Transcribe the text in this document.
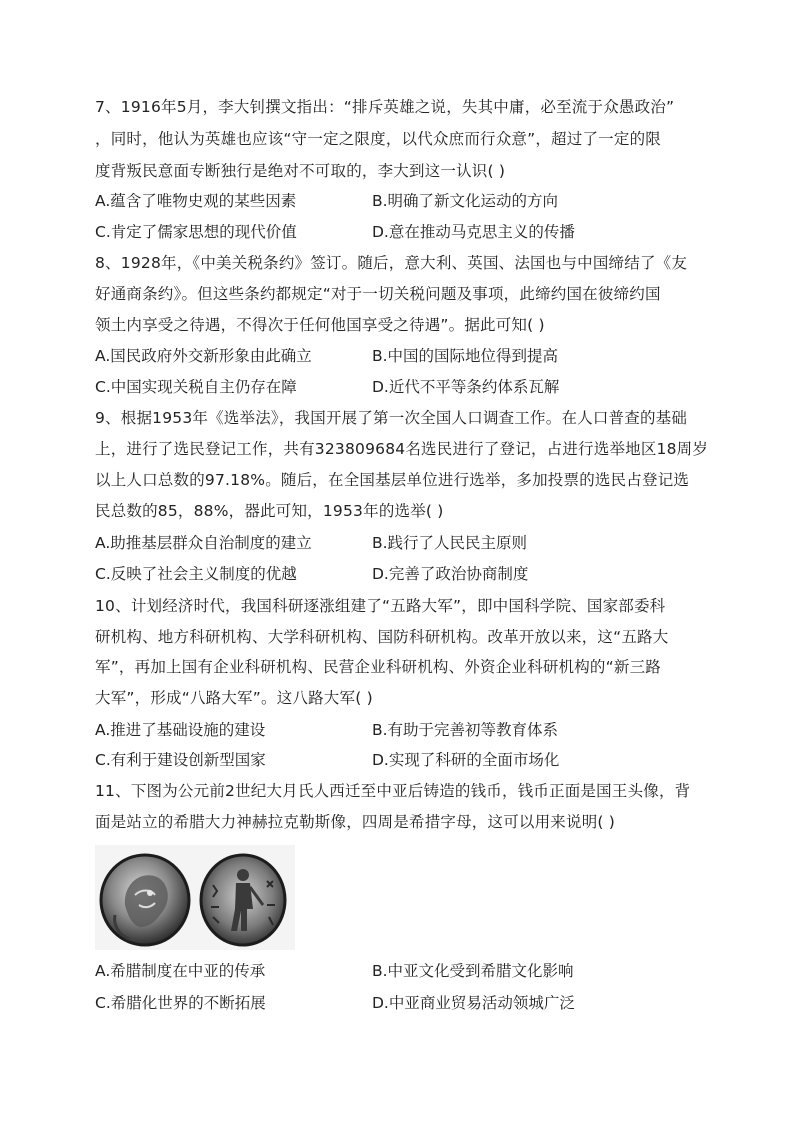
7、1916年5月，李大钊撰文指出：“排斥英雄之说，失其中庸，必至流于众愚政治”
，同时，他认为英雄也应该“守一定之限度，以代众庶而行众意”，超过了一定的限
度背叛民意面专断独行是绝对不可取的，李大到这一认识( )
A.蕴含了唯物史观的某些因素	B.明确了新文化运动的方向
C.肯定了儒家思想的现代价值	D.意在推动马克思主义的传播
8、1928年，《中美关税条约》签订。随后，意大利、英国、法国也与中国缔结了《友
好通商条约》。但这些条约都规定“对于一切关税问题及事项，此缔约国在彼缔约国
领土内享受之待遇，不得次于任何他国享受之待遇”。据此可知( )
A.国民政府外交新形象由此确立	B.中国的国际地位得到提高
C.中国实现关税自主仍存在障	D.近代不平等条约体系瓦解
9、根据1953年《选举法》，我国开展了第一次全国人口调查工作。在人口普查的基础
上，进行了选民登记工作，共有323809684名选民进行了登记，占进行选举地区18周岁
以上人口总数的97.18%。随后，在全国基层单位进行选举，多加投票的选民占登记选
民总数的85，88%，器此可知，1953年的选举( )
A.助推基层群众自治制度的建立	B.践行了人民民主原则
C.反映了社会主义制度的优越	D.完善了政治协商制度
10、计划经济时代，我国科研逐涨组建了“五路大军”，即中国科学院、国家部委科
研机构、地方科研机构、大学科研机构、国防科研机构。改革开放以来，这“五路大
军”，再加上国有企业科研机构、民营企业科研机构、外资企业科研机构的“新三路
大军”，形成“八路大军”。这八路大军( )
A.推进了基础设施的建设	B.有助于完善初等教育体系
C.有利于建设创新型国家	D.实现了科研的全面市场化
11、下图为公元前2世纪大月氏人西迁至中亚后铸造的钱币，钱币正面是国王头像，背
面是站立的希腊大力神赫拉克勒斯像，四周是希措字母，这可以用来说明( )
A.希腊制度在中亚的传承	B.中亚文化受到希腊文化影响
C.希腊化世界的不断拓展	D.中亚商业贸易活动领城广泛
